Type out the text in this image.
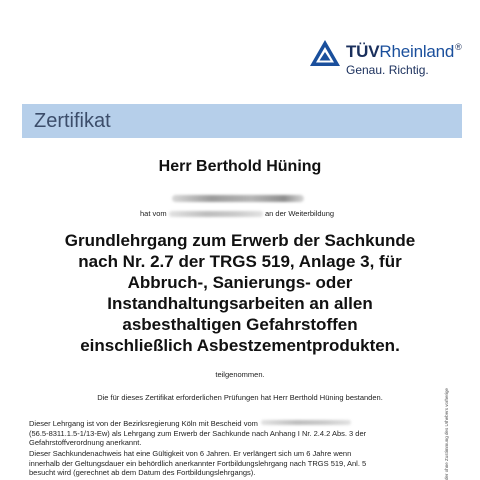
TÜVRheinland®
Genau. Richtig.
Zertifikat
Herr Berthold Hüning
hat vom	an der Weiterbildung
Grundlehrgang zum Erwerb der Sachkunde
nach Nr. 2.7 der TRGS 519, Anlage 3, für
Abbruch-, Sanierungs- oder
Instandhaltungsarbeiten an allen
asbesthaltigen Gefahrstoffen
einschließlich Asbestzementprodukten.
teilgenommen.
Die für dieses Zertifikat erforderlichen Prüfungen hat Herr Berthold Hüning bestanden.
Dieser Lehrgang ist von der Bezirksregierung Köln mit Bescheid vom
(56.5-8311.1.5-1/13-Ew) als Lehrgang zum Erwerb der Sachkunde nach Anhang I Nr. 2.4.2 Abs. 3 der
Gefahrstoffverordnung anerkannt.
Dieser Sachkundenachweis hat eine Gültigkeit von 6 Jahren. Er verlängert sich um 6 Jahre wenn
innerhalb der Geltungsdauer ein behördlich anerkannter Fortbildungslehrgang nach TRGS 519, Anl. 5
besucht wird (gerechnet ab dem Datum des Fortbildungslehrgangs).	der ohne Zustimmung des Urhebers vorherige
